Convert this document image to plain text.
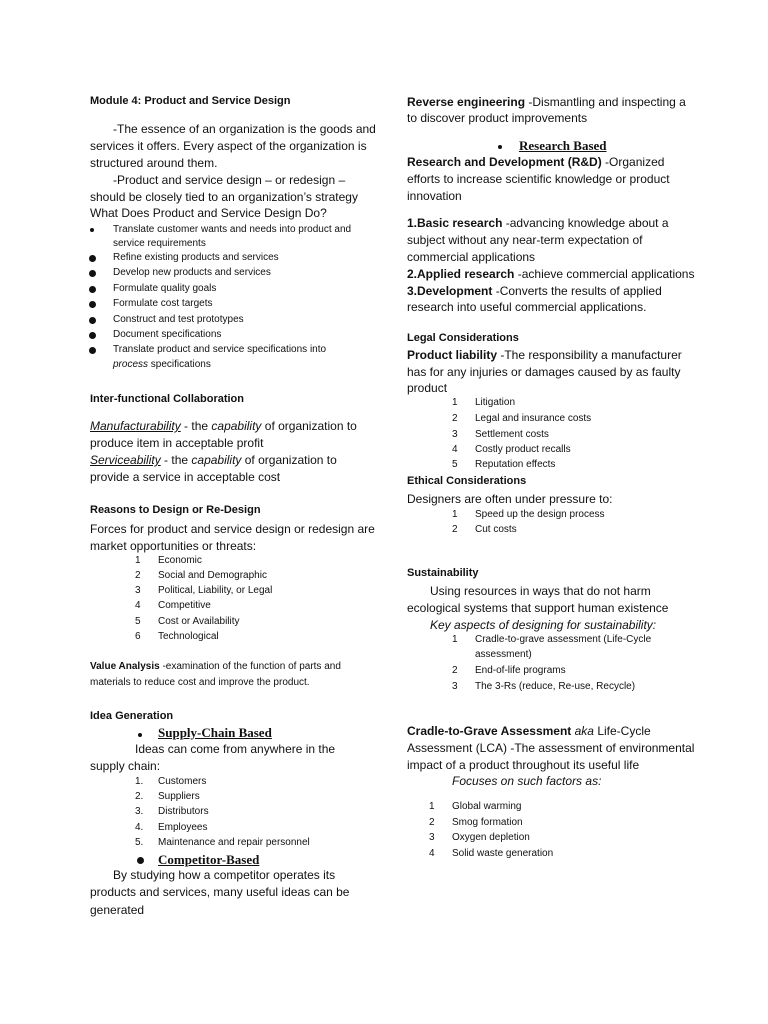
Module 4: Product and Service Design
-The essence of an organization is the goods and
services it offers. Every aspect of the organization is
structured around them.
-Product and service design – or redesign –
should be closely tied to an organization’s strategy
What Does Product and Service Design Do?
Translate customer wants and needs into product and
service requirements
Refine existing products and services
Develop new products and services
Formulate quality goals
Formulate cost targets
Construct and test prototypes
Document specifications
Translate product and service specifications into
process specifications
Inter-functional Collaboration
Manufacturability - the capability of organization to
produce item in acceptable profit
Serviceability - the capability of organization to
provide a service in acceptable cost
Reasons to Design or Re-Design
Forces for product and service design or redesign are
market opportunities or threats:
1 Economic
2 Social and Demographic
3 Political, Liability, or Legal
4 Competitive
5 Cost or Availability
6 Technological
Value Analysis -examination of the function of parts and
materials to reduce cost and improve the product.
Idea Generation
Supply-Chain Based
Ideas can come from anywhere in the
supply chain:
1. Customers
2. Suppliers
3. Distributors
4. Employees
5. Maintenance and repair personnel
Competitor-Based
By studying how a competitor operates its
products and services, many useful ideas can be
generated
Reverse engineering -Dismantling and inspecting a
to discover product improvements
Research Based
Research and Development (R&D) -Organized
efforts to increase scientific knowledge or product
innovation
1.Basic research -advancing knowledge about a
subject without any near-term expectation of
commercial applications
2.Applied research -achieve commercial applications
3.Development -Converts the results of applied
research into useful commercial applications.
Legal Considerations
Product liability -The responsibility a manufacturer
has for any injuries or damages caused by as faulty
product
1 Litigation
2 Legal and insurance costs
3 Settlement costs
4 Costly product recalls
5 Reputation effects
Ethical Considerations
Designers are often under pressure to:
1 Speed up the design process
2 Cut costs
Sustainability
Using resources in ways that do not harm
ecological systems that support human existence
Key aspects of designing for sustainability:
1 Cradle-to-grave assessment (Life-Cycle
assessment)
2 End-of-life programs
3 The 3-Rs (reduce, Re-use, Recycle)
Cradle-to-Grave Assessment aka Life-Cycle
Assessment (LCA) -The assessment of environmental
impact of a product throughout its useful life
Focuses on such factors as:
1 Global warming
2 Smog formation
3 Oxygen depletion
4 Solid waste generation
